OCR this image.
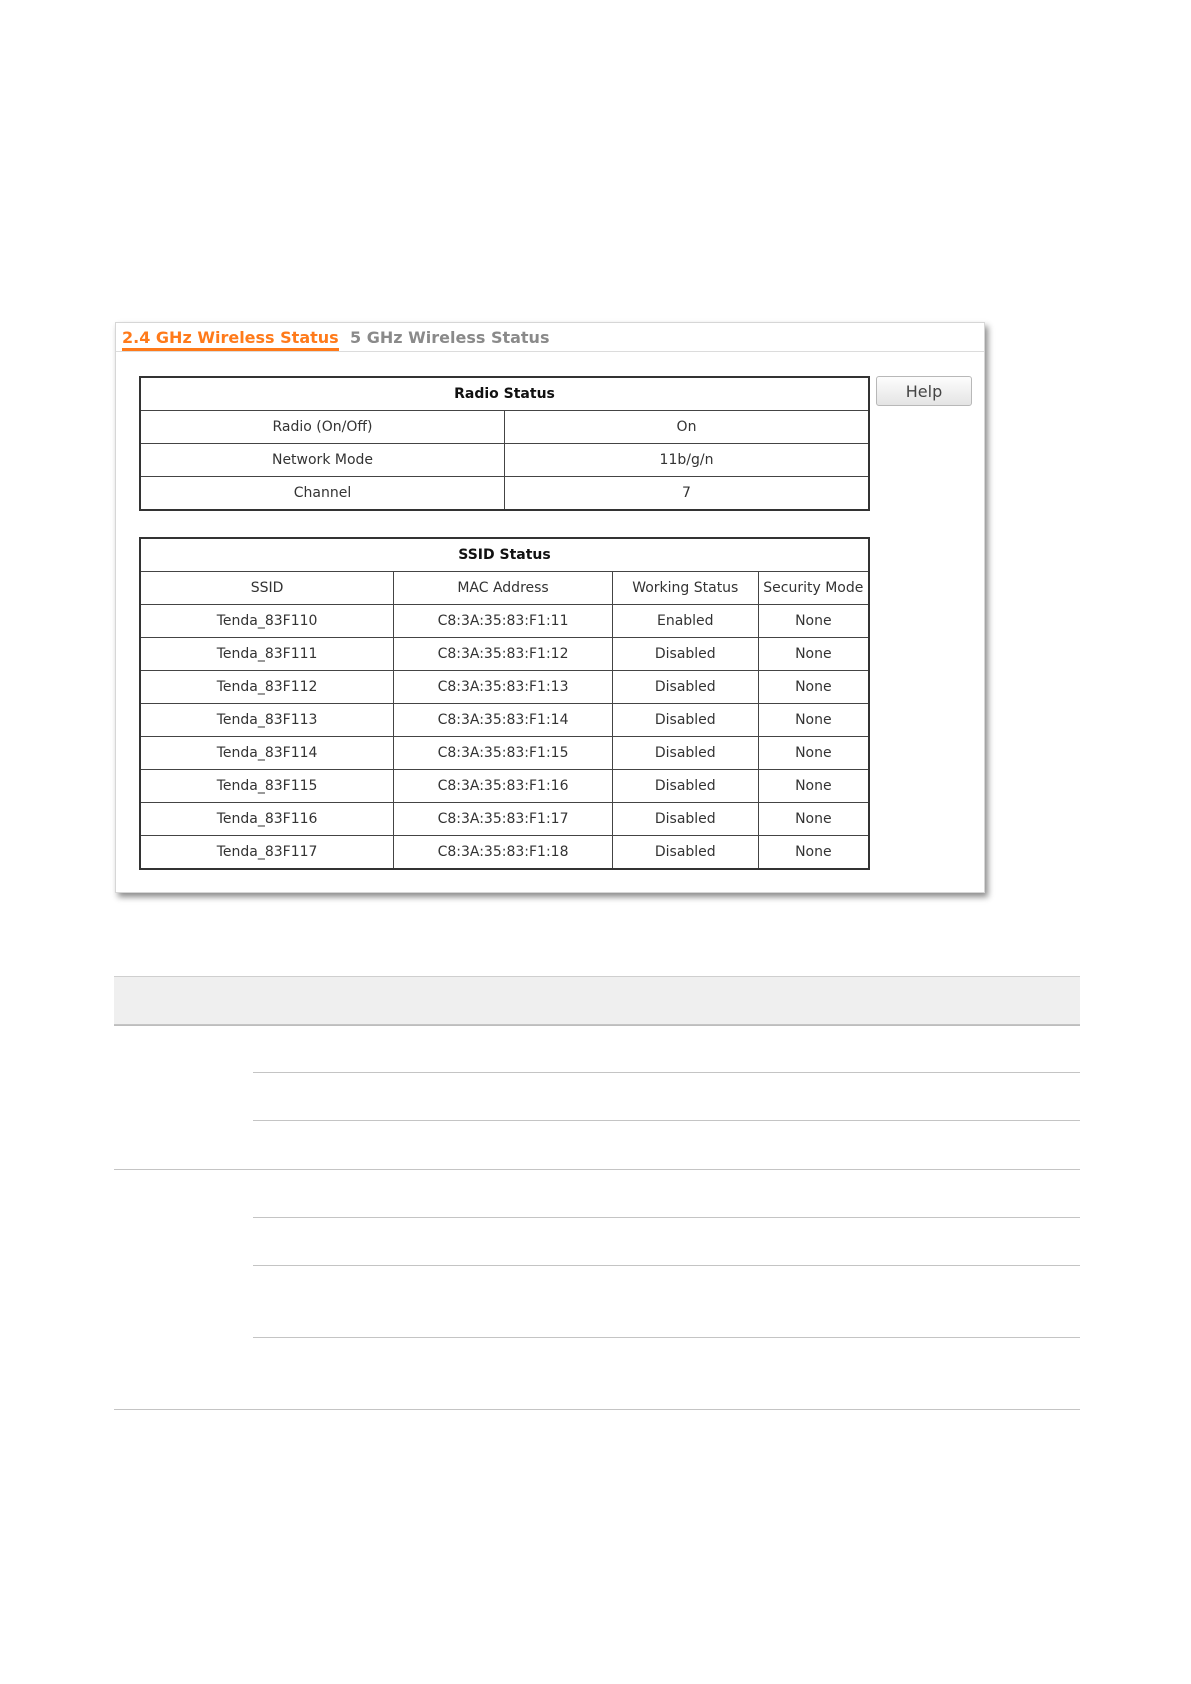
2.4 GHz Wireless Status 5 GHz Wireless Status
Radio Status	
Radio (On/Off)	On
Network Mode	11b/g/n
Channel	7
Help
SSID Status			
SSID	MAC Address	Working Status	Security Mode
Tenda_83F110	C8:3A:35:83:F1:11	Enabled	None
Tenda_83F111	C8:3A:35:83:F1:12	Disabled	None
Tenda_83F112	C8:3A:35:83:F1:13	Disabled	None
Tenda_83F113	C8:3A:35:83:F1:14	Disabled	None
Tenda_83F114	C8:3A:35:83:F1:15	Disabled	None
Tenda_83F115	C8:3A:35:83:F1:16	Disabled	None
Tenda_83F116	C8:3A:35:83:F1:17	Disabled	None
Tenda_83F117	C8:3A:35:83:F1:18	Disabled	None
